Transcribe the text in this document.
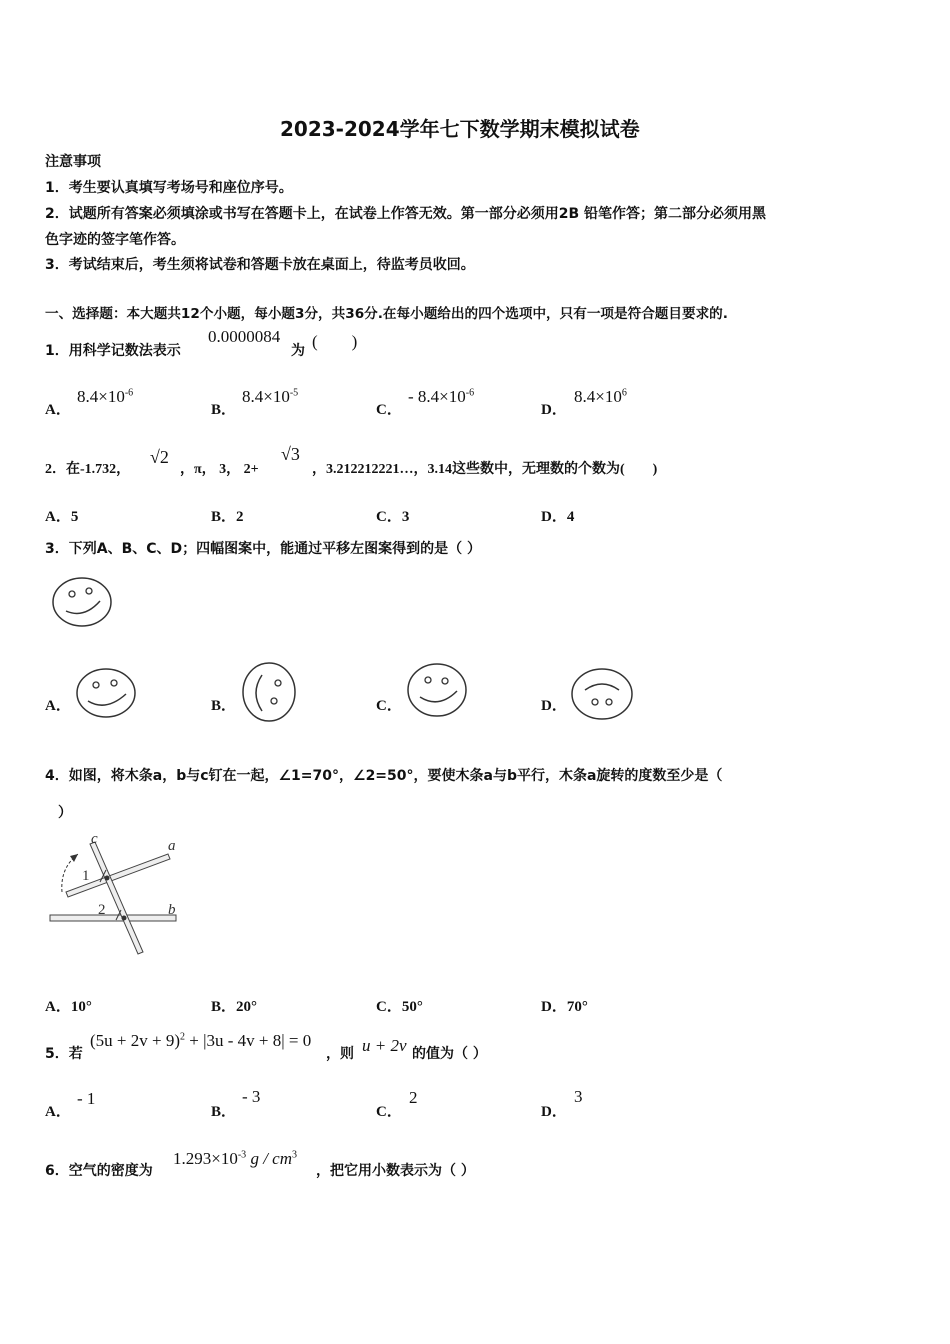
2023-2024学年七下数学期末模拟试卷
注意事项
1．考生要认真填写考场号和座位序号。
2．试题所有答案必须填涂或书写在答题卡上，在试卷上作答无效。第一部分必须用2B 铅笔作答；第二部分必须用黑
色字迹的签字笔作答。
3．考试结束后，考生须将试卷和答题卡放在桌面上，待监考员收回。
一、选择题：本大题共12个小题，每小题3分，共36分.在每小题给出的四个选项中，只有一项是符合题目要求的.
1．用科学记数法表示
0.0000084
为 (　　)
A．
$8.4\times 10^{-6}$
B．
$8.4\times 10^{-5}$
C．
- $8.4\times 10^{-6}$
D．
$8.4\times 10^6$
2．在-1.732，
√2
，π， 3， 2+
√3
，3.212212221…，3.14这些数中，无理数的个数为(　　)
A．5	B．2	C．3	D．4
3．下列A、B、C、D；四幅图案中，能通过平移左图案得到的是（ ）
A．	B．	C．	D．
4．如图，将木条a，b与c钉在一起，∠1=70°，∠2=50°，要使木条a与b平行，木条a旋转的度数至少是（
）
c	a
b
1
2
A．10°	B．20°	C．50°	D．70°
5．若
$(5u + 2v + 9)^2 + |3u - 4v + 8| = 0$
，则 u + 2v 的值为（ ）
A．
- 1
B．
- 3
C．
2
D．
3
6．空气的密度为
$1.293\times 10^{-3}$ g / $cm^3$
，把它用小数表示为（ ）
